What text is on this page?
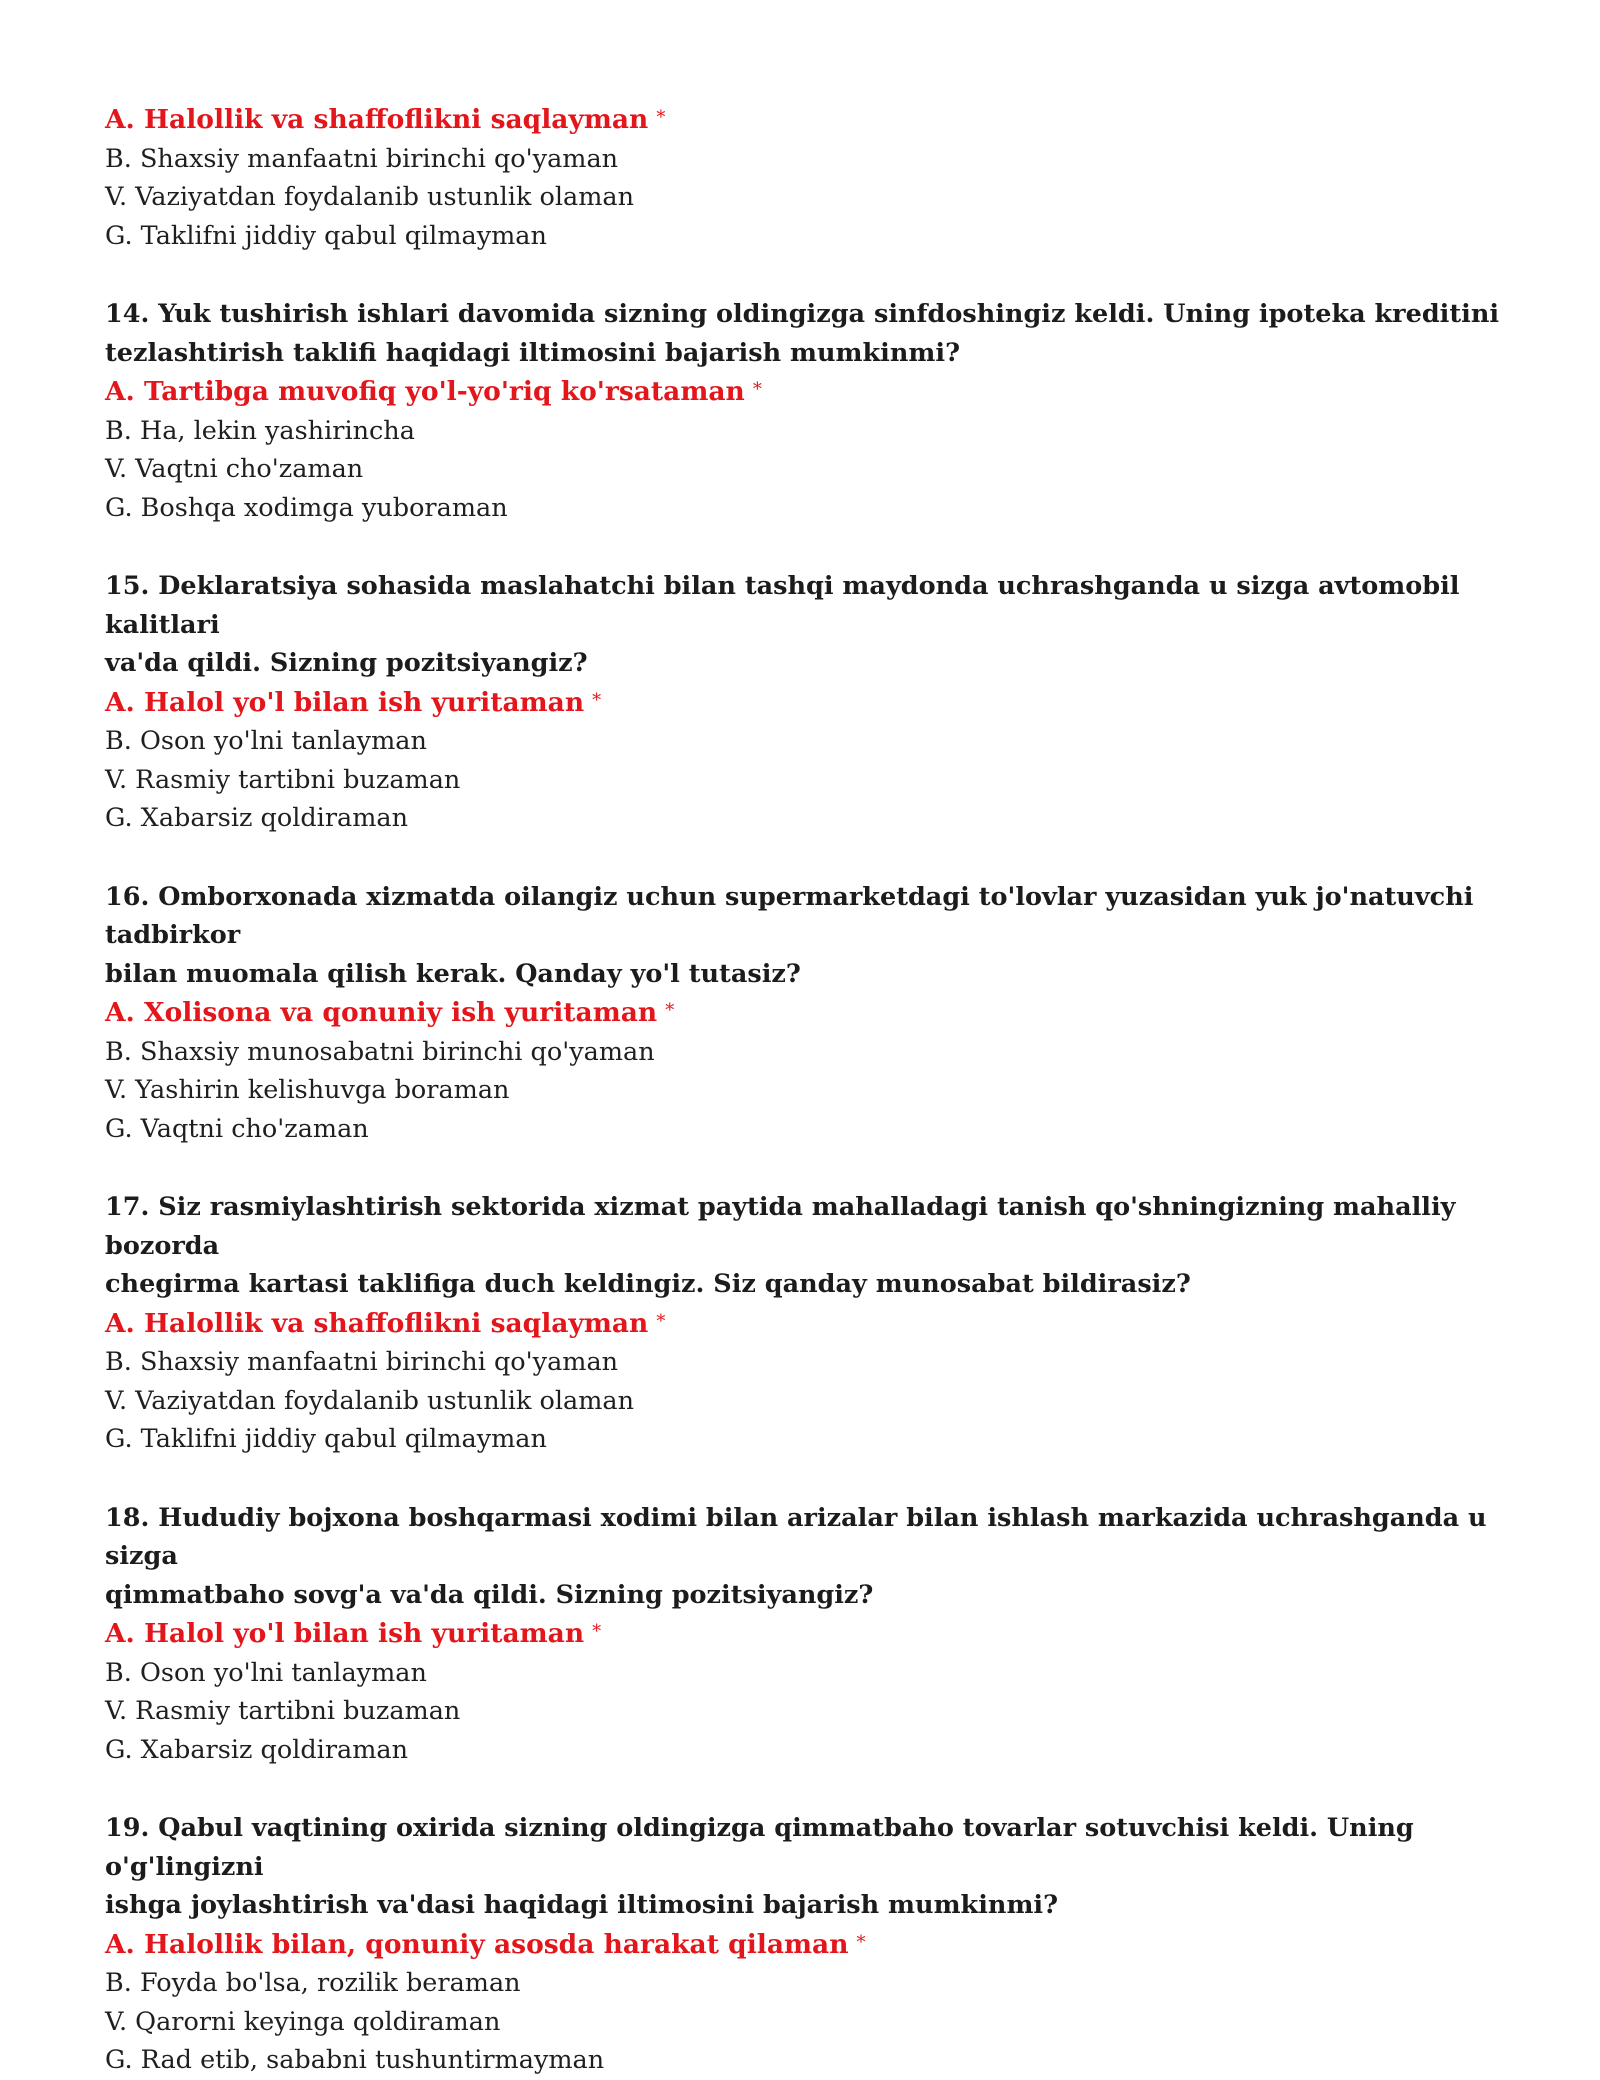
A. Halollik va shaffoflikni saqlayman *
B. Shaxsiy manfaatni birinchi qo'yaman
V. Vaziyatdan foydalanib ustunlik olaman
G. Taklifni jiddiy qabul qilmayman
14. Yuk tushirish ishlari davomida sizning oldingizga sinfdoshingiz keldi. Uning ipoteka kreditini
tezlashtirish taklifi haqidagi iltimosini bajarish mumkinmi?
A. Tartibga muvofiq yo'l-yo'riq ko'rsataman *
B. Ha, lekin yashirincha
V. Vaqtni cho'zaman
G. Boshqa xodimga yuboraman
15. Deklaratsiya sohasida maslahatchi bilan tashqi maydonda uchrashganda u sizga avtomobil kalitlari
va'da qildi. Sizning pozitsiyangiz?
A. Halol yo'l bilan ish yuritaman *
B. Oson yo'lni tanlayman
V. Rasmiy tartibni buzaman
G. Xabarsiz qoldiraman
16. Omborxonada xizmatda oilangiz uchun supermarketdagi to'lovlar yuzasidan yuk jo'natuvchi tadbirkor
bilan muomala qilish kerak. Qanday yo'l tutasiz?
A. Xolisona va qonuniy ish yuritaman *
B. Shaxsiy munosabatni birinchi qo'yaman
V. Yashirin kelishuvga boraman
G. Vaqtni cho'zaman
17. Siz rasmiylashtirish sektorida xizmat paytida mahalladagi tanish qo'shningizning mahalliy bozorda
chegirma kartasi taklifiga duch keldingiz. Siz qanday munosabat bildirasiz?
A. Halollik va shaffoflikni saqlayman *
B. Shaxsiy manfaatni birinchi qo'yaman
V. Vaziyatdan foydalanib ustunlik olaman
G. Taklifni jiddiy qabul qilmayman
18. Hududiy bojxona boshqarmasi xodimi bilan arizalar bilan ishlash markazida uchrashganda u sizga
qimmatbaho sovg'a va'da qildi. Sizning pozitsiyangiz?
A. Halol yo'l bilan ish yuritaman *
B. Oson yo'lni tanlayman
V. Rasmiy tartibni buzaman
G. Xabarsiz qoldiraman
19. Qabul vaqtining oxirida sizning oldingizga qimmatbaho tovarlar sotuvchisi keldi. Uning o'g'lingizni
ishga joylashtirish va'dasi haqidagi iltimosini bajarish mumkinmi?
A. Halollik bilan, qonuniy asosda harakat qilaman *
B. Foyda bo'lsa, rozilik beraman
V. Qarorni keyinga qoldiraman
G. Rad etib, sababni tushuntirmayman
